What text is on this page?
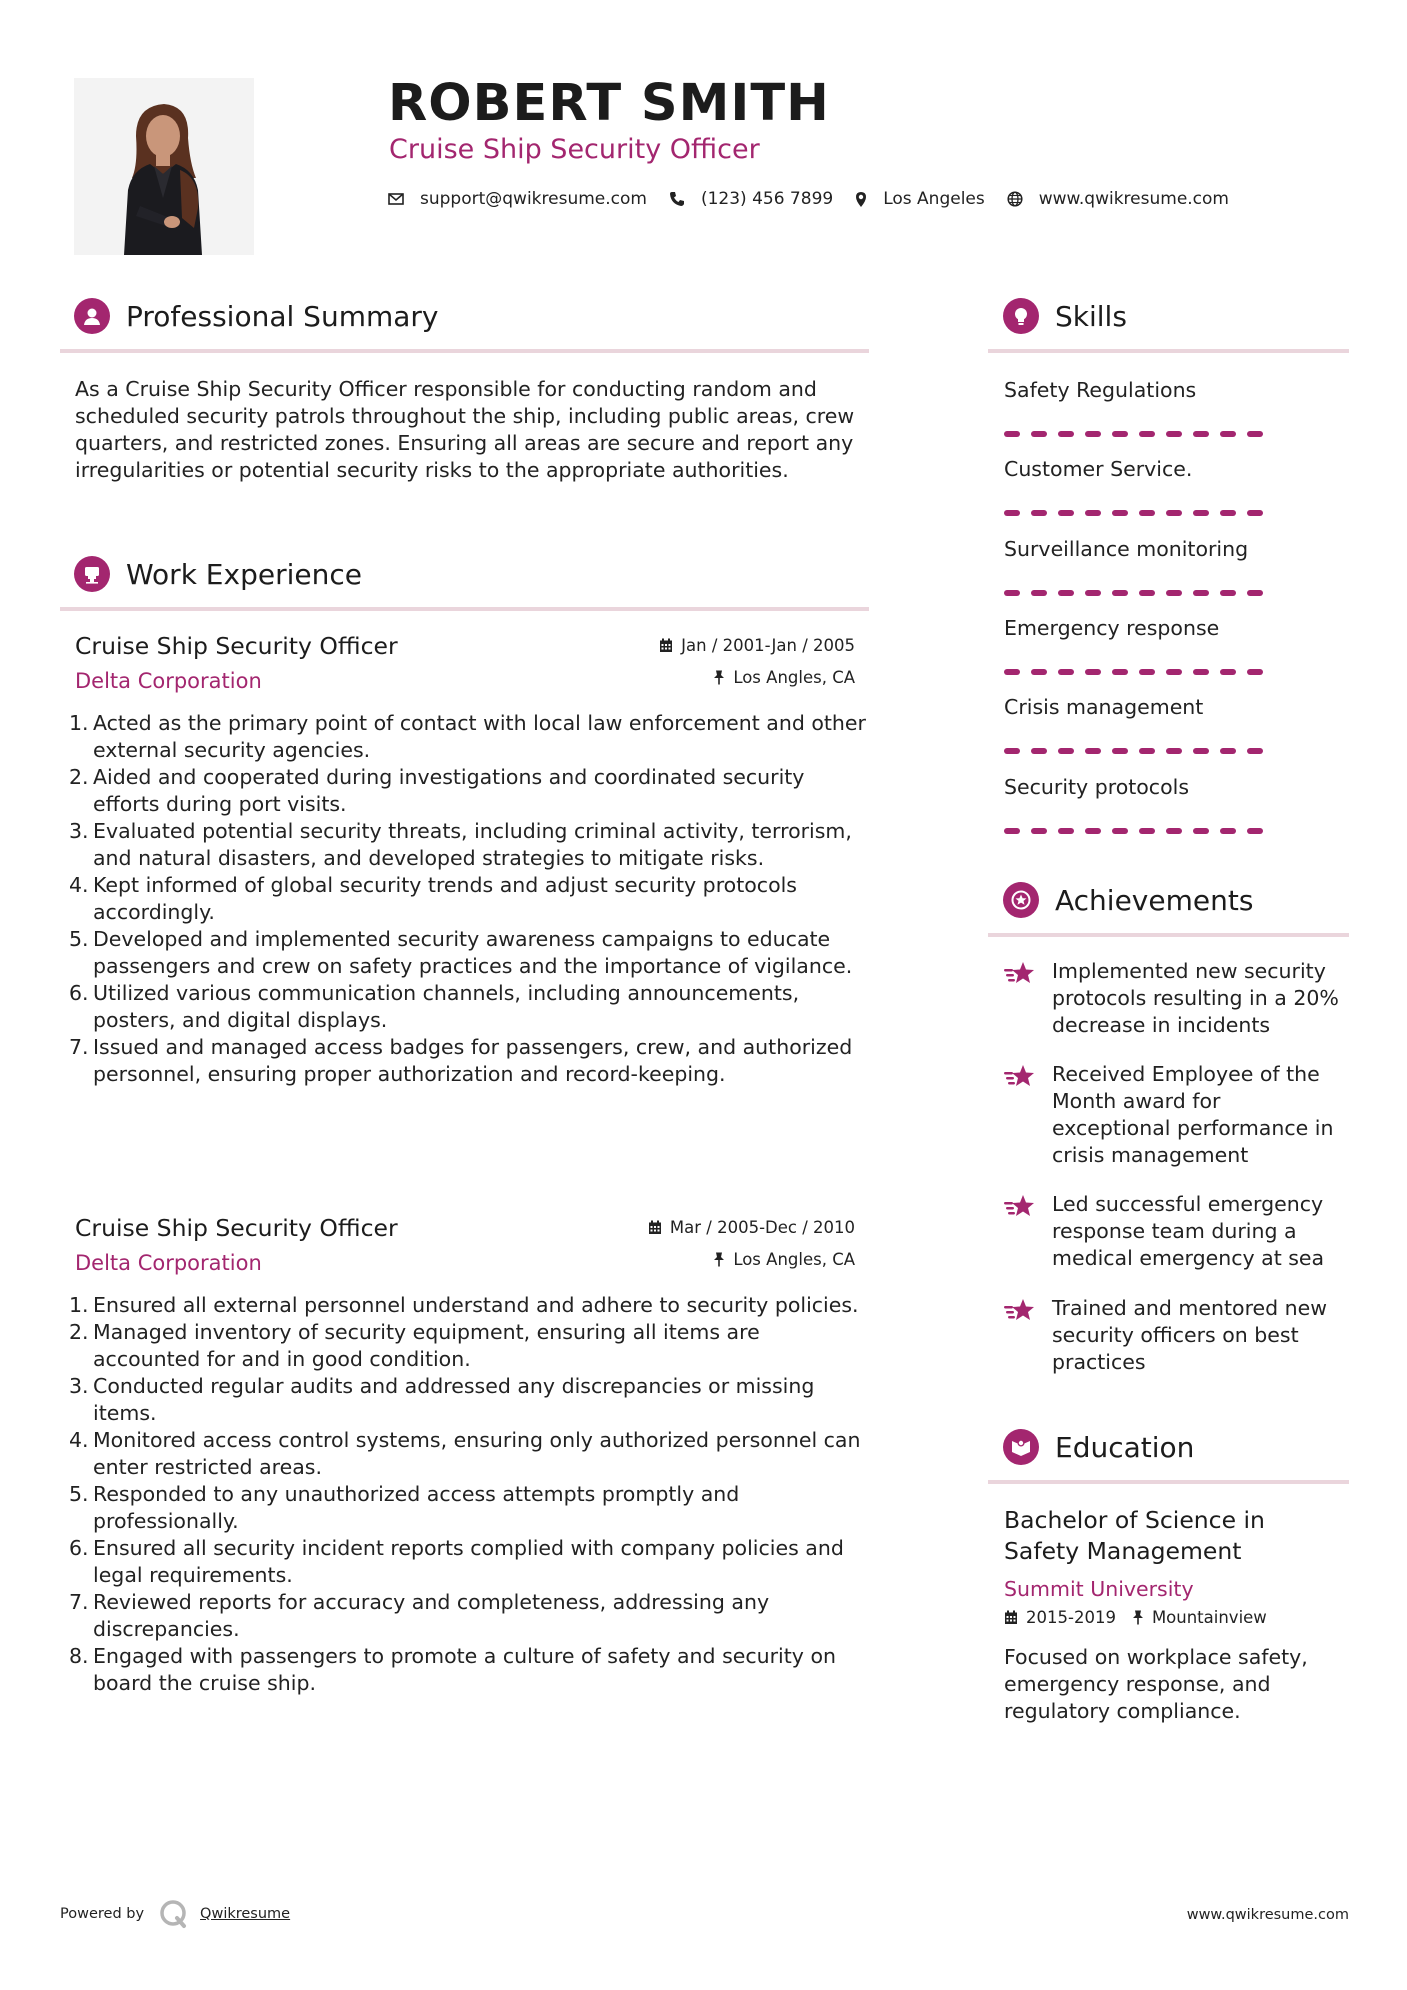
ROBERT SMITH
Cruise Ship Security Officer
support@qwikresume.com	(123) 456 7899	Los Angeles	www.qwikresume.com
Professional Summary
As a Cruise Ship Security Officer responsible for conducting random and scheduled security patrols throughout the ship, including public areas, crew quarters, and restricted zones. Ensuring all areas are secure and report any irregularities or potential security risks to the appropriate authorities.
Work Experience
Cruise Ship Security Officer
Delta Corporation
Jan / 2001-Jan / 2005
Los Angles, CA
1. Acted as the primary point of contact with local law enforcement and other external security agencies.
2. Aided and cooperated during investigations and coordinated security efforts during port visits.
3. Evaluated potential security threats, including criminal activity, terrorism, and natural disasters, and developed strategies to mitigate risks.
4. Kept informed of global security trends and adjust security protocols accordingly.
5. Developed and implemented security awareness campaigns to educate passengers and crew on safety practices and the importance of vigilance.
6. Utilized various communication channels, including announcements, posters, and digital displays.
7. Issued and managed access badges for passengers, crew, and authorized personnel, ensuring proper authorization and record-keeping.
Cruise Ship Security Officer
Delta Corporation
Mar / 2005-Dec / 2010
Los Angles, CA
1. Ensured all external personnel understand and adhere to security policies.
2. Managed inventory of security equipment, ensuring all items are accounted for and in good condition.
3. Conducted regular audits and addressed any discrepancies or missing items.
4. Monitored access control systems, ensuring only authorized personnel can enter restricted areas.
5. Responded to any unauthorized access attempts promptly and professionally.
6. Ensured all security incident reports complied with company policies and legal requirements.
7. Reviewed reports for accuracy and completeness, addressing any discrepancies.
8. Engaged with passengers to promote a culture of safety and security on board the cruise ship.
Skills
Safety Regulations
Customer Service.
Surveillance monitoring
Emergency response
Crisis management
Security protocols
Achievements
Implemented new security protocols resulting in a 20% decrease in incidents
Received Employee of the Month award for exceptional performance in crisis management
Led successful emergency response team during a medical emergency at sea
Trained and mentored new security officers on best practices
Education
Bachelor of Science in Safety Management
Summit University
2015-2019 Mountainview
Focused on workplace safety, emergency response, and regulatory compliance.
Powered by	Qwikresume	www.qwikresume.com
